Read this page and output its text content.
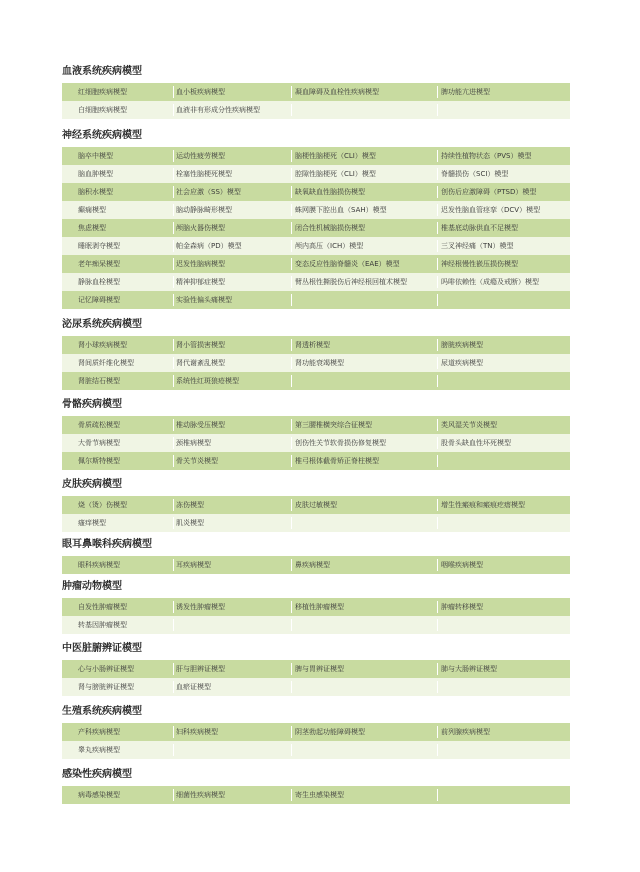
血液系统疾病模型
红细胞疾病模型	血小板疾病模型	凝血障碍及血栓性疾病模型	脾功能亢进模型
白细胞疾病模型	血液非有形成分性疾病模型
神经系统疾病模型
脑卒中模型	运动性疲劳模型	脑梗性脑梗死（CLI）模型	持续性植物状态（PVS）模型
脑血肿模型	栓塞性脑梗死模型	腔隙性脑梗死（CLI）模型	脊髓损伤（SCI）模型
脑积水模型	社会应激（SS）模型	缺氧缺血性脑损伤模型	创伤后应激障碍（PTSD）模型
癫痫模型	脑动静脉畸形模型	蛛网膜下腔出血（SAH）模型	迟发性脑血管痉挛（DCV）模型
焦虑模型	颅脑火器伤模型	闭合性机械脑损伤模型	椎基底动脉供血不足模型
睡眠剥夺模型	帕金森病（PD）模型	颅内高压（ICH）模型	三叉神经痛（TN）模型
老年痴呆模型	迟发性脑病模型	变态反应性脑脊髓炎（EAE）模型	神经根慢性嵌压损伤模型
静脉血栓模型	精神抑郁症模型	臂丛根性撕脱伤后神经根回植术模型	吗啡依赖性（成瘾及戒断）模型
记忆障碍模型	实验性偏头痛模型
泌尿系统疾病模型
肾小球疾病模型	肾小管损害模型	肾透析模型	膀胱疾病模型
肾间质纤维化模型	肾代谢紊乱模型	肾功能衰竭模型	尿道疾病模型
肾脏结石模型	系统性红斑狼疮模型
骨骼疾病模型
骨质疏松模型	椎动脉受压模型	第三腰椎横突综合征模型	类风湿关节炎模型
大骨节病模型	颈椎病模型	创伤性关节软骨损伤修复模型	股骨头缺血性坏死模型
佩尔斯特模型	骨关节炎模型	椎弓根体截骨矫正脊柱模型
皮肤疾病模型
烧（烫）伤模型	冻伤模型	皮肤过敏模型	增生性瘢痕和瘢痕疙瘩模型
瘙痒模型	肌炎模型
眼耳鼻喉科疾病模型
眼科疾病模型	耳疾病模型	鼻疾病模型	咽喉疾病模型
肿瘤动物模型
自发性肿瘤模型	诱发性肿瘤模型	移植性肿瘤模型	肿瘤转移模型
转基因肿瘤模型
中医脏腑辨证模型
心与小肠辨证模型	肝与胆辨证模型	脾与胃辨证模型	肺与大肠辨证模型
肾与膀胱辨证模型	血瘀证模型
生殖系统疾病模型
产科疾病模型	妇科疾病模型	阴茎勃起功能障碍模型	前列腺疾病模型
睾丸疾病模型
感染性疾病模型
病毒感染模型	细菌性疾病模型	寄生虫感染模型
